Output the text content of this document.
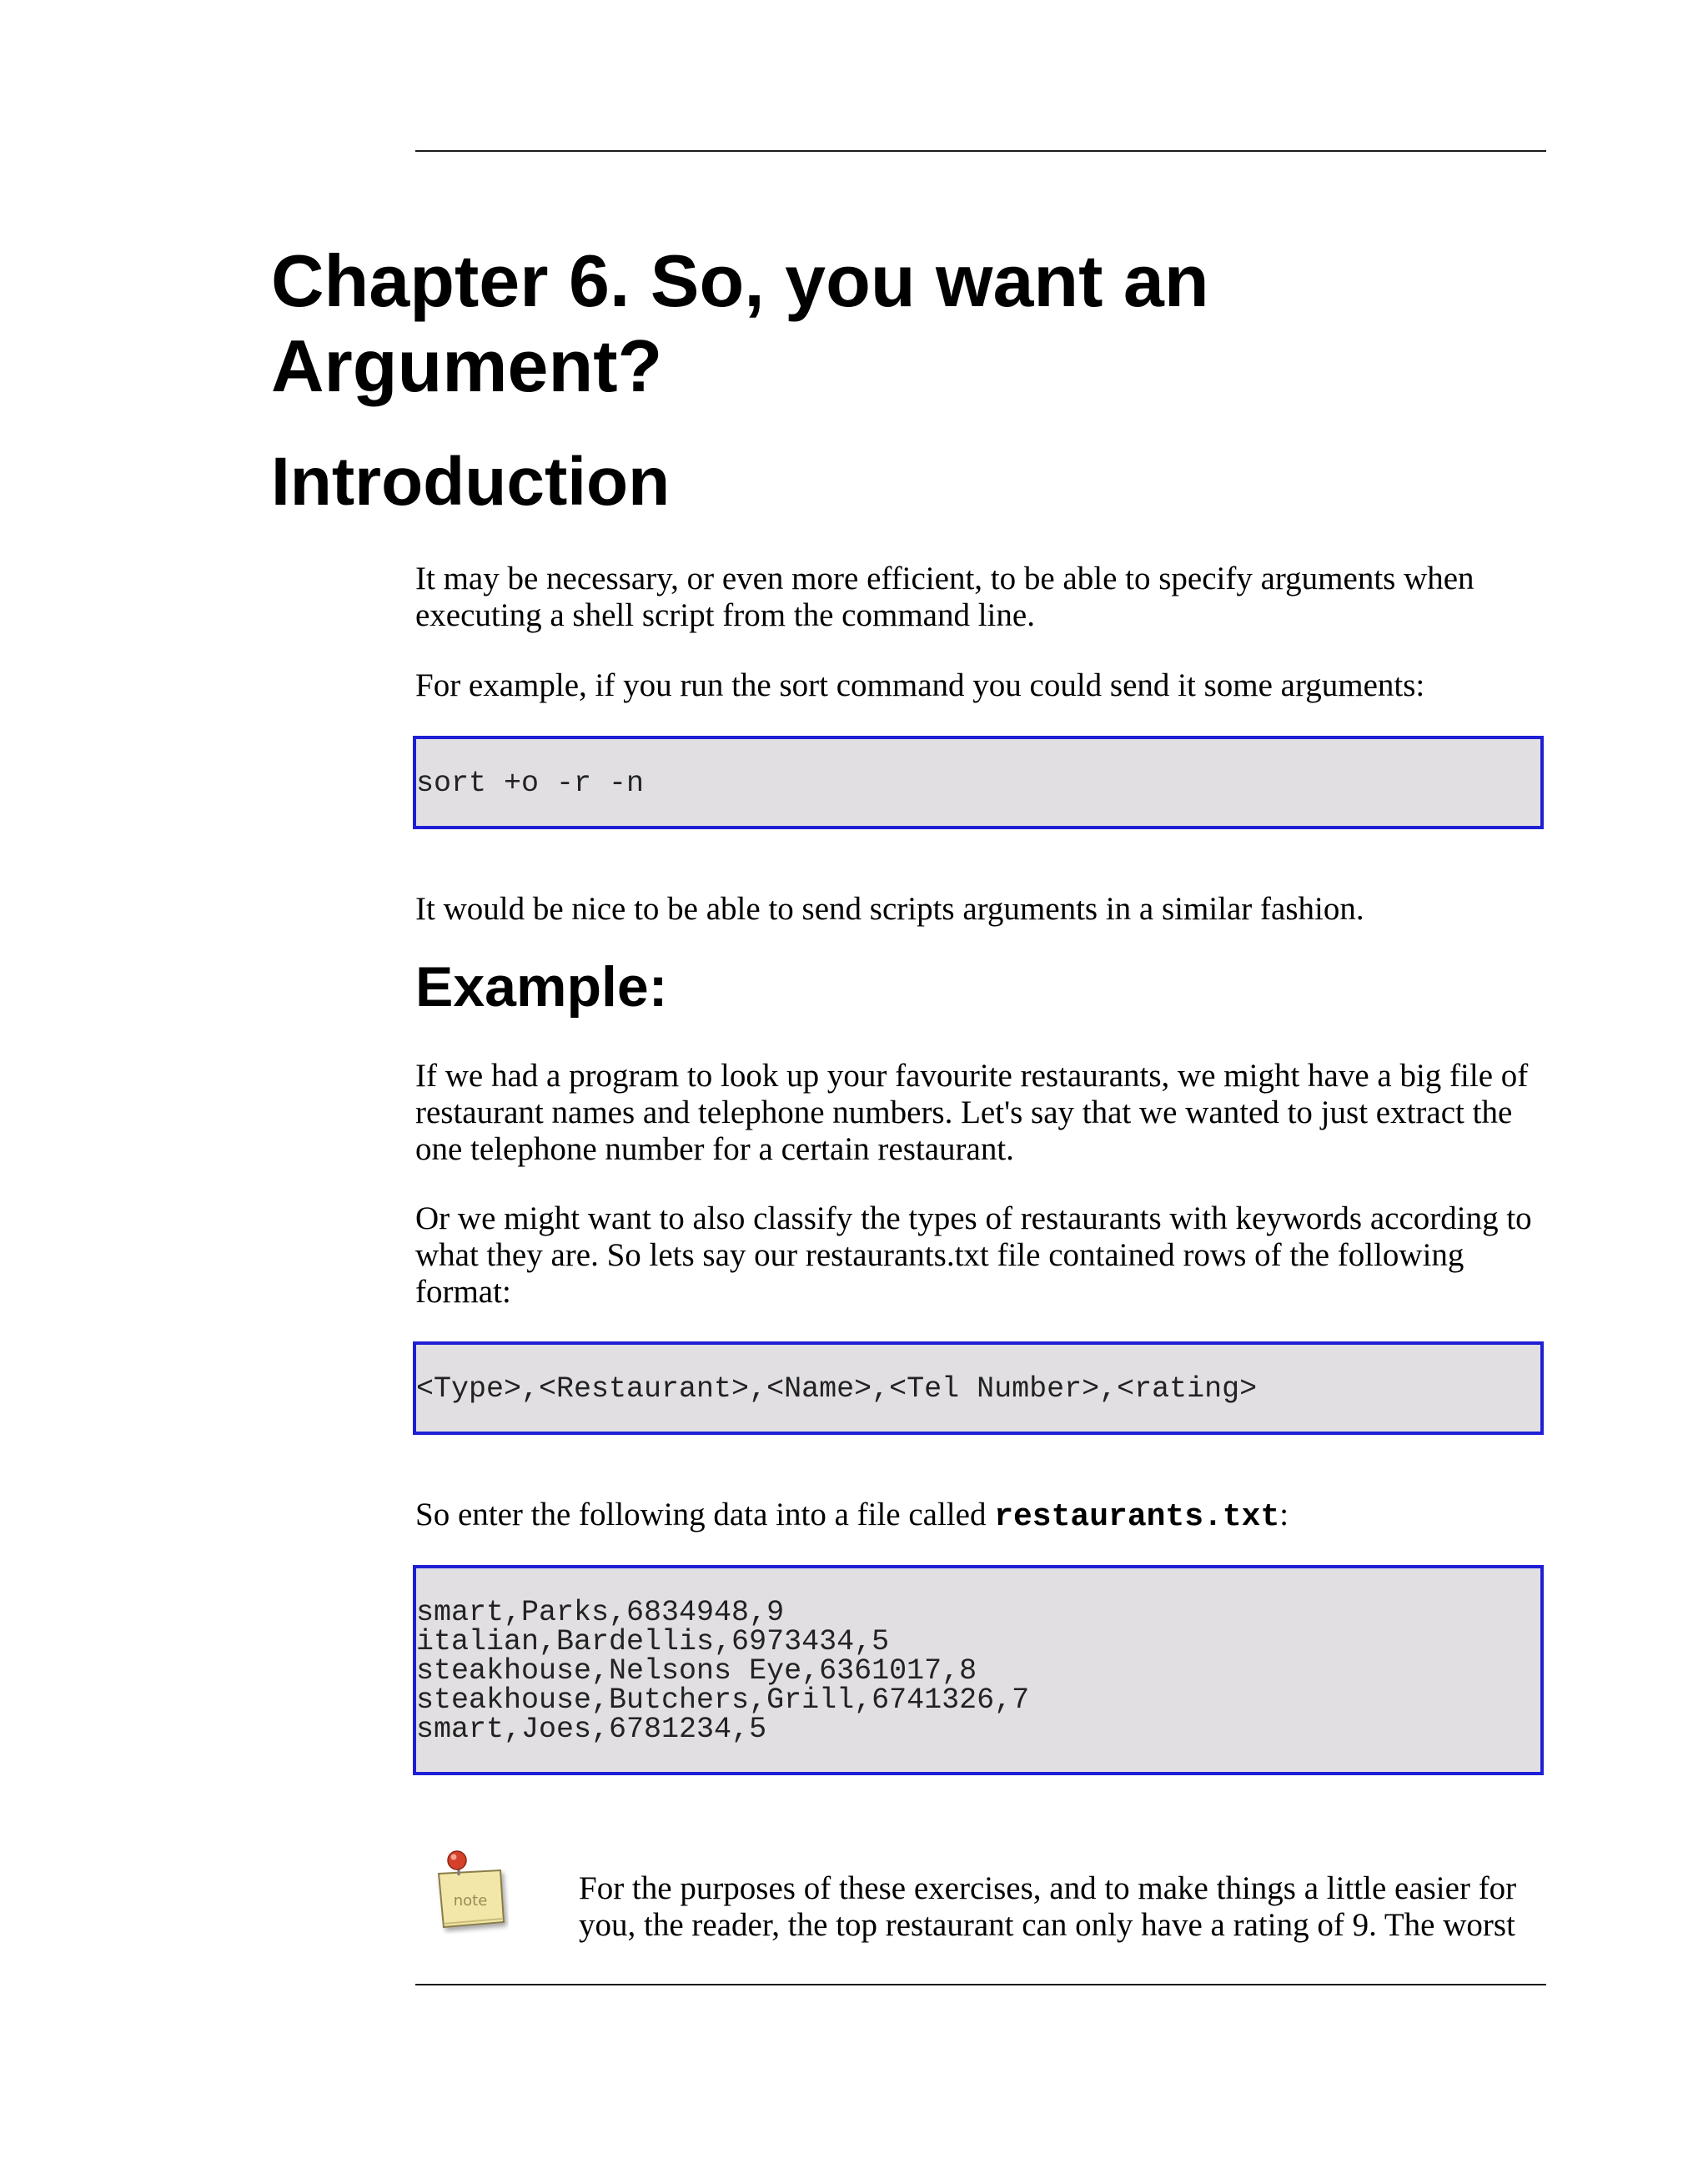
Chapter 6. So, you want an Argument?
Introduction

It may be necessary, or even more efficient, to be able to specify arguments when executing a shell script from the command line.

For example, if you run the sort command you could send it some arguments:

sort +o -r -n

It would be nice to be able to send scripts arguments in a similar fashion.

Example:

If we had a program to look up your favourite restaurants, we might have a big file of restaurant names and telephone numbers. Let's say that we wanted to just extract the one telephone number for a certain restaurant.

Or we might want to also classify the types of restaurants with keywords according to what they are. So lets say our restaurants.txt file contained rows of the following format:

<Type>,<Restaurant>,<Name>,<Tel Number>,<rating>

So enter the following data into a file called restaurants.txt:

smart,Parks,6834948,9
italian,Bardellis,6973434,5
steakhouse,Nelsons Eye,6361017,8
steakhouse,Butchers,Grill,6741326,7
smart,Joes,6781234,5
note	For the purposes of these exercises, and to make things a little easier for you, the reader, the top restaurant can only have a rating of 9. The worst
